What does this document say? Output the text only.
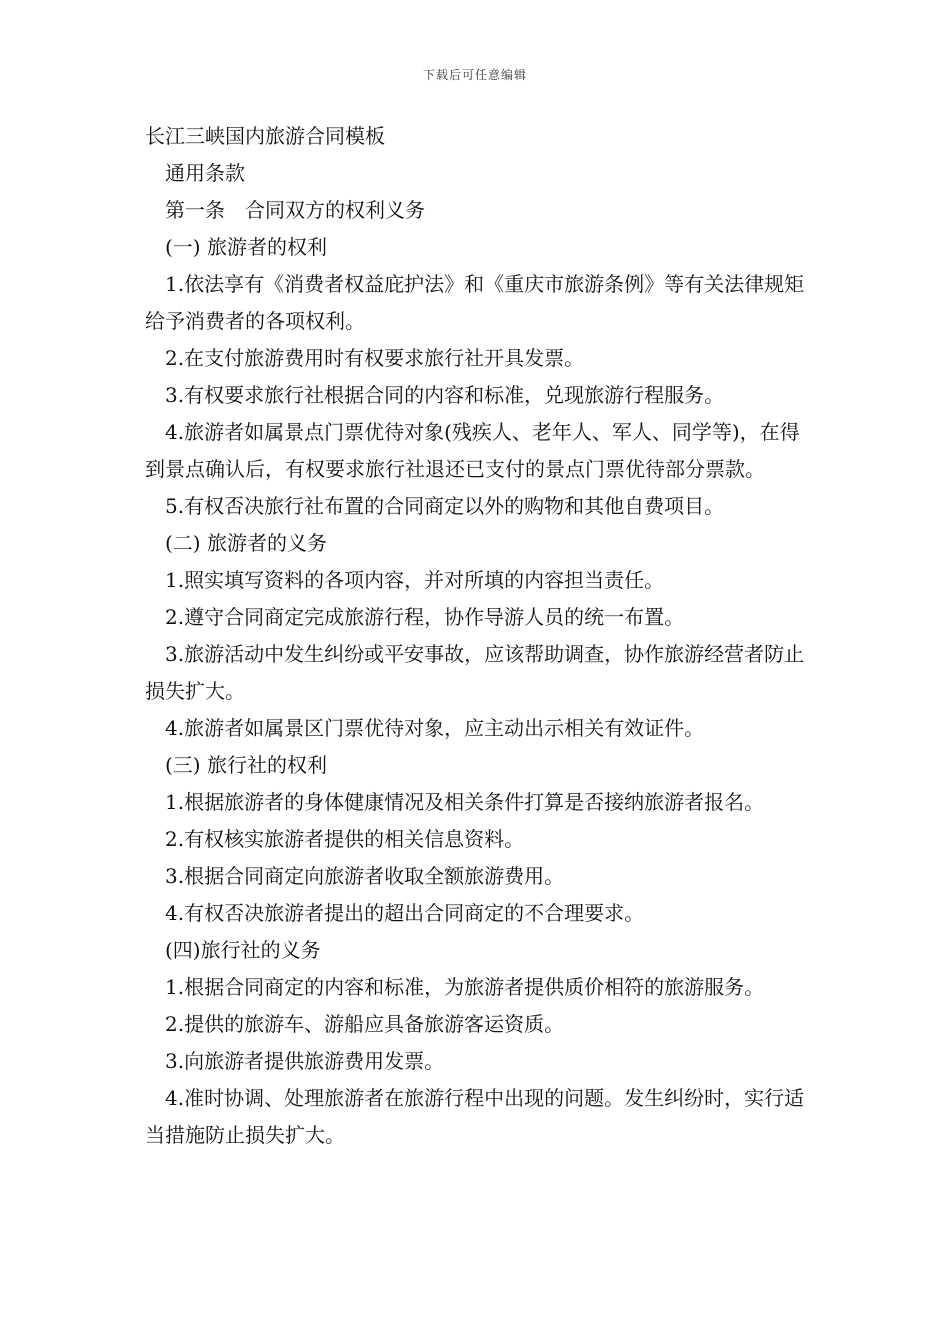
下载后可任意编辑

长江三峡国内旅游合同模板

通用条款

第一条　合同双方的权利义务

(一) 旅游者的权利

1.依法享有《消费者权益庇护法》和《重庆市旅游条例》等有关法律规矩给予消费者的各项权利。

2.在支付旅游费用时有权要求旅行社开具发票。

3.有权要求旅行社根据合同的内容和标准，兑现旅游行程服务。

4.旅游者如属景点门票优待对象(残疾人、老年人、军人、同学等)，在得到景点确认后，有权要求旅行社退还已支付的景点门票优待部分票款。

5.有权否决旅行社布置的合同商定以外的购物和其他自费项目。

(二) 旅游者的义务

1.照实填写资料的各项内容，并对所填的内容担当责任。

2.遵守合同商定完成旅游行程，协作导游人员的统一布置。

3.旅游活动中发生纠纷或平安事故，应该帮助调查，协作旅游经营者防止损失扩大。

4.旅游者如属景区门票优待对象，应主动出示相关有效证件。

(三) 旅行社的权利

1.根据旅游者的身体健康情况及相关条件打算是否接纳旅游者报名。

2.有权核实旅游者提供的相关信息资料。

3.根据合同商定向旅游者收取全额旅游费用。

4.有权否决旅游者提出的超出合同商定的不合理要求。

(四)旅行社的义务

1.根据合同商定的内容和标准，为旅游者提供质价相符的旅游服务。

2.提供的旅游车、游船应具备旅游客运资质。

3.向旅游者提供旅游费用发票。

4.准时协调、处理旅游者在旅游行程中出现的问题。发生纠纷时，实行适当措施防止损失扩大。
